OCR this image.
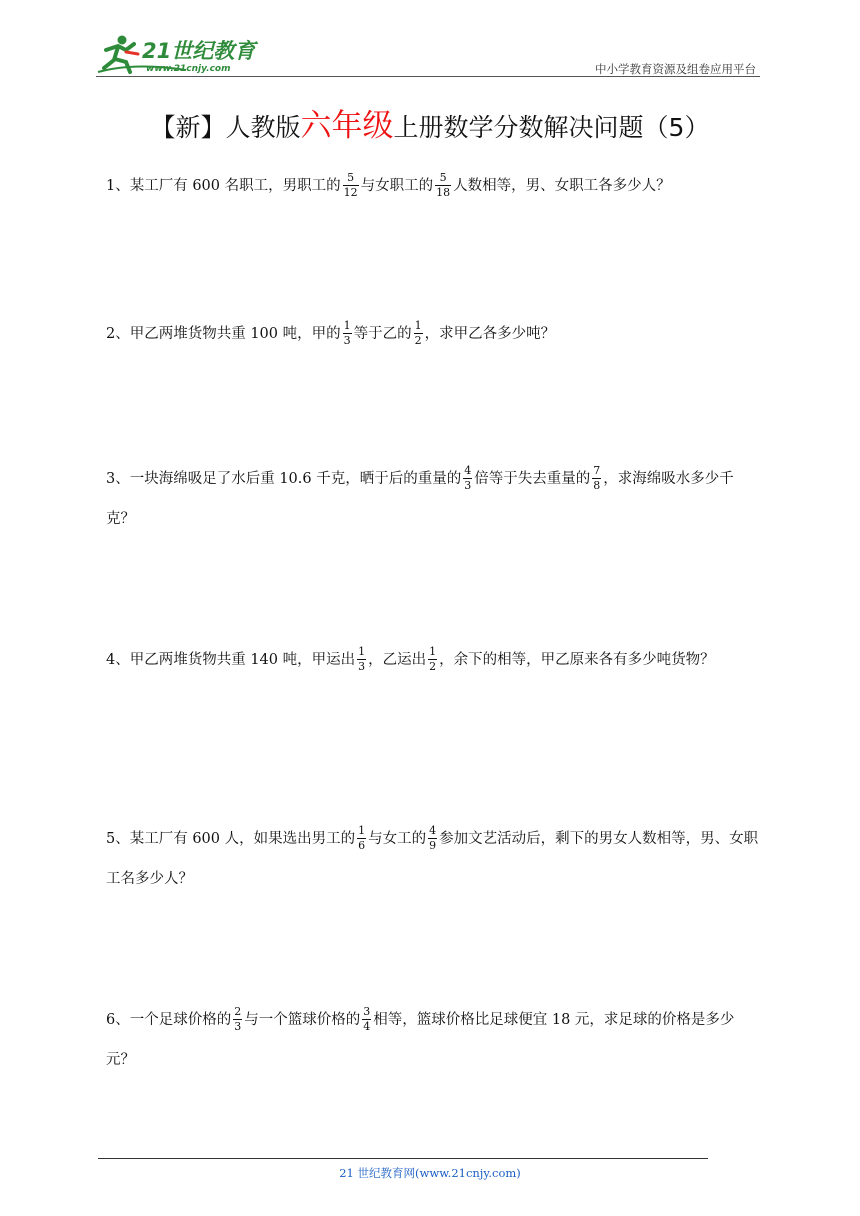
21世纪教育
www.21cnjy.com	中小学教育资源及组卷应用平台
【新】人教版六年级上册数学分数解决问题（5）
1、某工厂有 600 名职工，男职工的 $\frac{5}{12}$ 与女职工的 $\frac{5}{18}$ 人数相等，男、女职工各多少人？
2、甲乙两堆货物共重 100 吨，甲的 $\frac{1}{3}$ 等于乙的 $\frac{1}{2}$ ，求甲乙各多少吨？
3、一块海绵吸足了水后重 10.6 千克，晒于后的重量的 $\frac{4}{3}$ 倍等于失去重量的 $\frac{7}{8}$ ，求海绵吸水多少千克？
4、甲乙两堆货物共重 140 吨，甲运出 $\frac{1}{3}$ ，乙运出 $\frac{1}{2}$ ，余下的相等，甲乙原来各有多少吨货物？
5、某工厂有 600 人，如果选出男工的 $\frac{1}{6}$ 与女工的 $\frac{4}{9}$ 参加文艺活动后，剩下的男女人数相等，男、女职工名多少人？
6、一个足球价格的 $\frac{2}{3}$ 与一个篮球价格的 $\frac{3}{4}$ 相等，篮球价格比足球便宜 18 元，求足球的价格是多少元？
21 世纪教育网(www.21cnjy.com)
